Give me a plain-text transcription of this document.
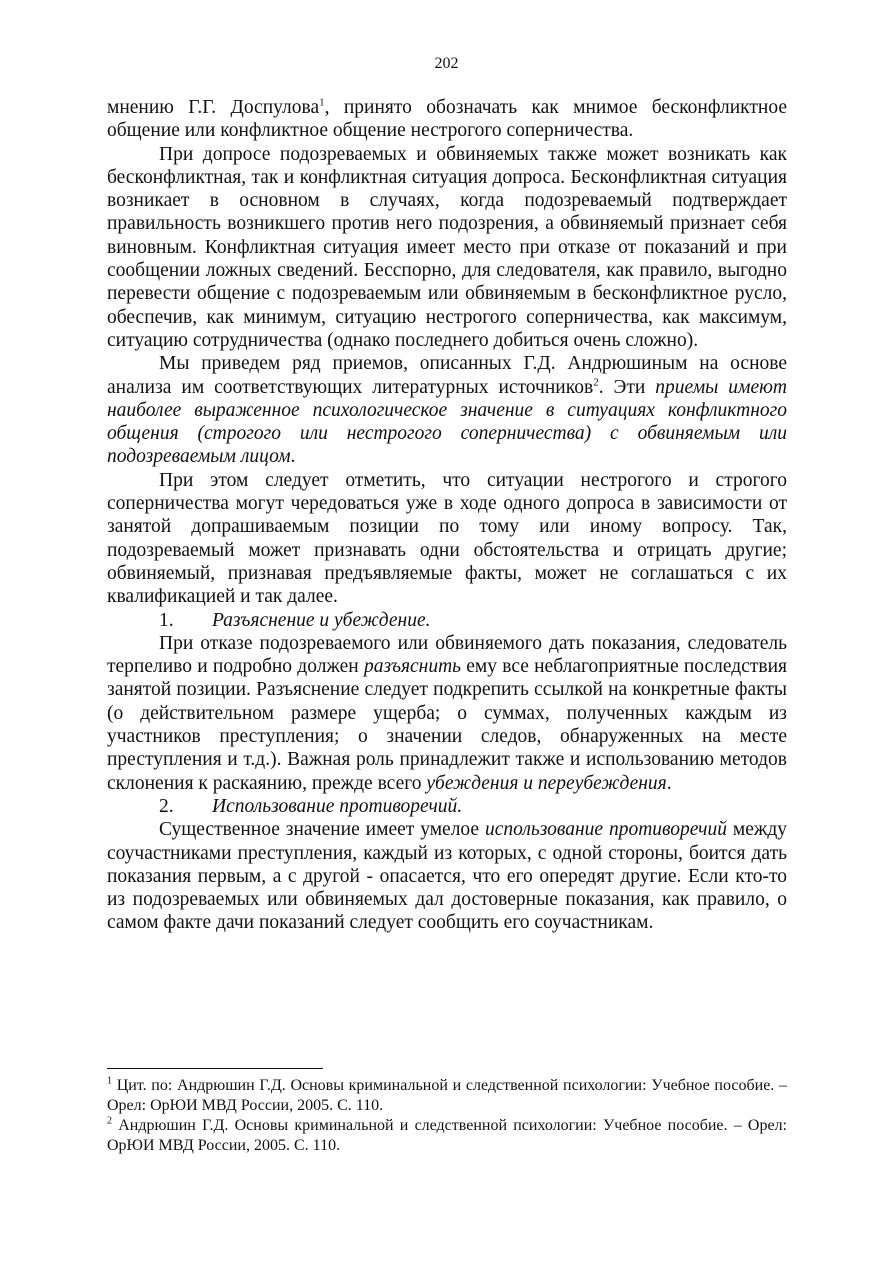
202

мнению Г.Г. Доспулова$^1$, принято обозначать как мнимое бесконфликтное общение или конфликтное общение нестрогого соперничества.

При допросе подозреваемых и обвиняемых также может возникать как бесконфликтная, так и конфликтная ситуация допроса. Бесконфликтная ситуация возникает в основном в случаях, когда подозреваемый подтверждает правильность возникшего против него подозрения, а обвиняемый признает себя виновным. Конфликтная ситуация имеет место при отказе от показаний и при сообщении ложных сведений. Бесспорно, для следователя, как правило, выгодно перевести общение с подозреваемым или обвиняемым в бесконфликтное русло, обеспечив, как минимум, ситуацию нестрогого соперничества, как максимум, ситуацию сотрудничества (однако последнего добиться очень сложно).

Мы приведем ряд приемов, описанных Г.Д. Андрюшиным на основе анализа им соответствующих литературных источников$^2$. Эти приемы имеют наиболее выраженное психологическое значение в ситуациях конфликтного общения (строгого или нестрогого соперничества) с обвиняемым или подозреваемым лицом.

При этом следует отметить, что ситуации нестрогого и строгого соперничества могут чередоваться уже в ходе одного допроса в зависимости от занятой допрашиваемым позиции по тому или иному вопросу. Так, подозреваемый может признавать одни обстоятельства и отрицать другие; обвиняемый, признавая предъявляемые факты, может не соглашаться с их квалификацией и так далее.

1. Разъяснение и убеждение.

При отказе подозреваемого или обвиняемого дать показания, следователь терпеливо и подробно должен разъяснить ему все неблагоприятные последствия занятой позиции. Разъяснение следует подкрепить ссылкой на конкретные факты (о действительном размере ущерба; о суммах, полученных каждым из участников преступления; о значении следов, обнаруженных на месте преступления и т.д.). Важная роль принадлежит также и использованию методов склонения к раскаянию, прежде всего убеждения и переубеждения.

2. Использование противоречий.

Существенное значение имеет умелое использование противоречий между соучастниками преступления, каждый из которых, с одной стороны, боится дать показания первым, а с другой - опасается, что его опередят другие. Если кто-то из подозреваемых или обвиняемых дал достоверные показания, как правило, о самом факте дачи показаний следует сообщить его соучастникам.

$^1$ Цит. по: Андрюшин Г.Д. Основы криминальной и следственной психологии: Учебное пособие. – Орел: ОрЮИ МВД России, 2005. С. 110.

$^2$ Андрюшин Г.Д. Основы криминальной и следственной психологии: Учебное пособие. – Орел: ОрЮИ МВД России, 2005. С. 110.
